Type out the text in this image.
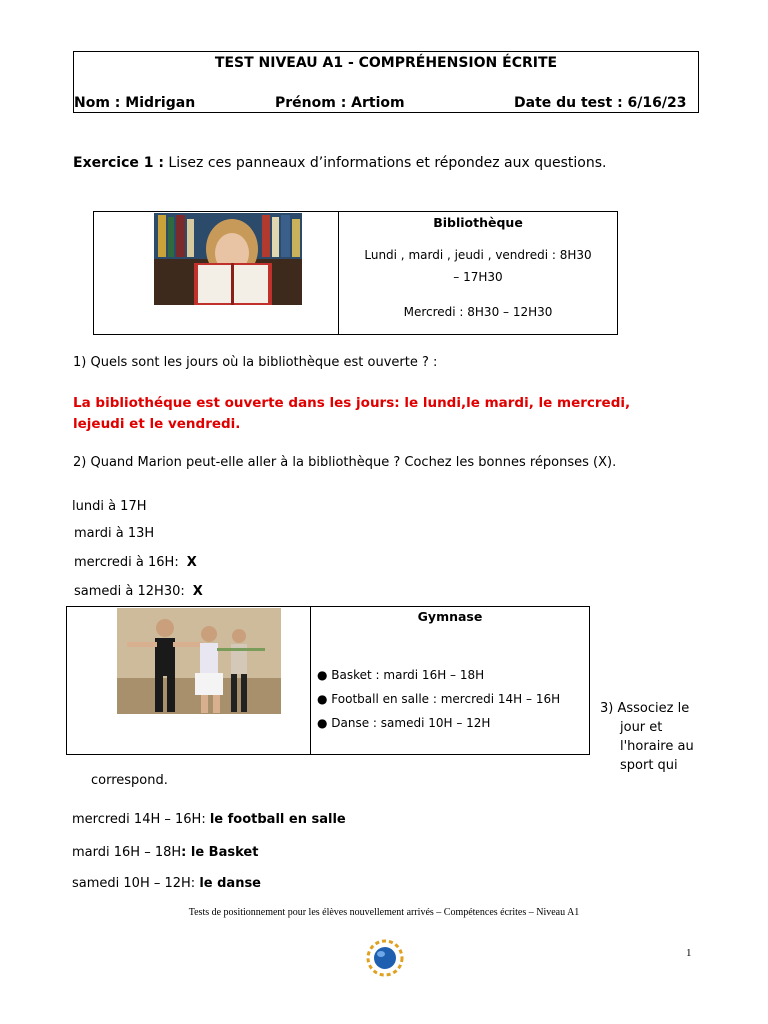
TEST NIVEAU A1 - COMPRÉHENSION ÉCRITE
Nom : Midrigan	Prénom : Artiom	Date du test : 6/16/23
Exercice 1 : Lisez ces panneaux d’informations et répondez aux questions.

Bibliothèque
Lundi , mardi , jeudi , vendredi : 8H30
– 17H30
Mercredi : 8H30 – 12H30
1) Quels sont les jours où la bibliothèque est ouverte ? :
La bibliothéque est ouverte dans les jours: le lundi,le mardi, le mercredi,
lejeudi et le vendredi.
2) Quand Marion peut-elle aller à la bibliothèque ? Cochez les bonnes réponses (X).
lundi à 17H
mardi à 13H
mercredi à 16H: X
samedi à 12H30: X

Gymnase
● Basket : mardi 16H – 18H
● Football en salle : mercredi 14H – 16H
● Danse : samedi 10H – 12H
3) Associez le
jour et
l'horaire au
sport qui
correspond.
mercredi 14H – 16H: le football en salle
mardi 16H – 18H: le Basket
samedi 10H – 12H: le danse
Tests de positionnement pour les élèves nouvellement arrivés – Compétences écrites – Niveau A1
1
